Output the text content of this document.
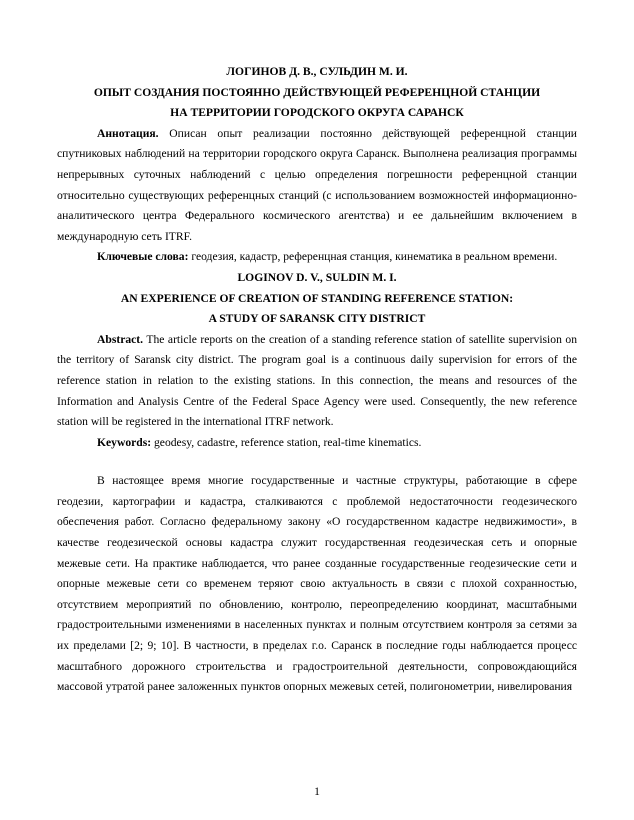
ЛОГИНОВ Д. В., СУЛЬДИН М. И.

ОПЫТ СОЗДАНИЯ ПОСТОЯННО ДЕЙСТВУЮЩЕЙ РЕФЕРЕНЦНОЙ СТАНЦИИ

НА ТЕРРИТОРИИ ГОРОДСКОГО ОКРУГА САРАНСК

Аннотация. Описан опыт реализации постоянно действующей референцной станции спутниковых наблюдений на территории городского округа Саранск. Выполнена реализация программы непрерывных суточных наблюдений с целью определения погрешности референцной станции относительно существующих референцных станций (с использованием возможностей информационно-аналитического центра Федерального космического агентства) и ее дальнейшим включением в международную сеть ITRF.

Ключевые слова: геодезия, кадастр, референцная станция, кинематика в реальном времени.

LOGINOV D. V., SULDIN M. I.

AN EXPERIENCE OF CREATION OF STANDING REFERENCE STATION:

A STUDY OF SARANSK CITY DISTRICT

Abstract. The article reports on the creation of a standing reference station of satellite supervision on the territory of Saransk city district. The program goal is a continuous daily supervision for errors of the reference station in relation to the existing stations. In this connection, the means and resources of the Information and Analysis Centre of the Federal Space Agency were used. Consequently, the new reference station will be registered in the international ITRF network.

Keywords: geodesy, cadastre, reference station, real-time kinematics.

В настоящее время многие государственные и частные структуры, работающие в сфере геодезии, картографии и кадастра, сталкиваются с проблемой недостаточности геодезического обеспечения работ. Согласно федеральному закону «О государственном кадастре недвижимости», в качестве геодезической основы кадастра служит государственная геодезическая сеть и опорные межевые сети. На практике наблюдается, что ранее созданные государственные геодезические сети и опорные межевые сети со временем теряют свою актуальность в связи с плохой сохранностью, отсутствием мероприятий по обновлению, контролю, переопределению координат, масштабными градостроительными изменениями в населенных пунктах и полным отсутствием контроля за сетями за их пределами [2; 9; 10]. В частности, в пределах г.о. Саранск в последние годы наблюдается процесс масштабного дорожного строительства и градостроительной деятельности, сопровождающийся массовой утратой ранее заложенных пунктов опорных межевых сетей, полигонометрии, нивелирования

1
